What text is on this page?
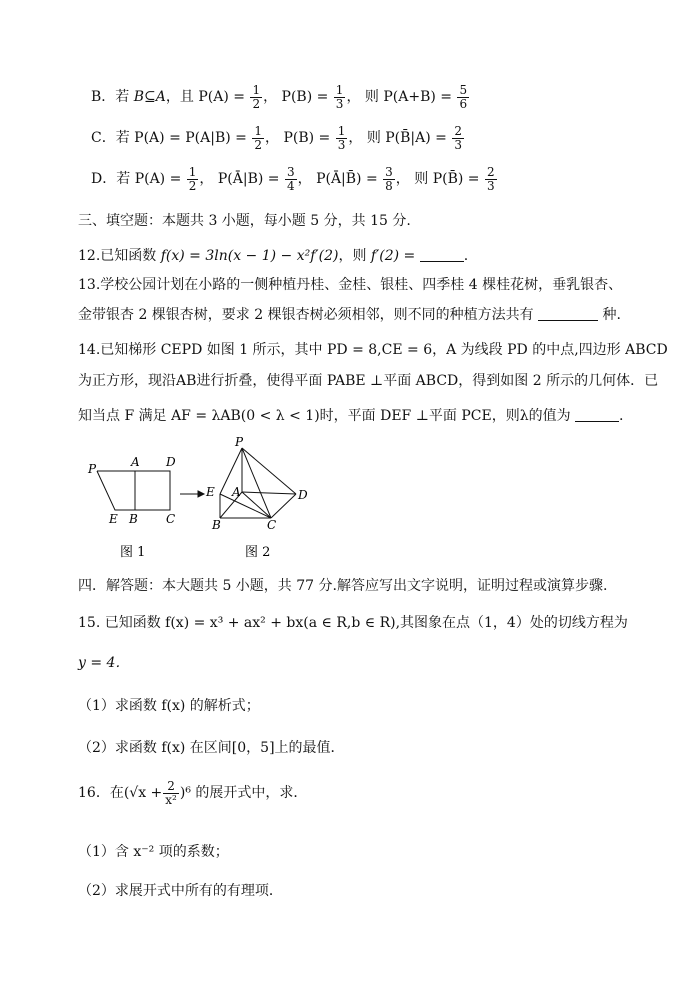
B．若 B⊆A，且 $P(A) = \frac{1}{2}$ ， $P(B) = \frac{1}{3}$ ， 则 $P(A+B) = \frac{5}{6}$
C．若 $P(A) = P(A|B) = \frac{1}{2}$ ， $P(B) = \frac{1}{3}$ ， 则 P(B̄|A) = $\frac{2}{3}$
D．若 $P(A) = \frac{1}{2}$ ， P(Ā|B) = $\frac{3}{4}$ ， P(Ā|B̄) = $\frac{3}{8}$ ， 则 P(B̄) = $\frac{2}{3}$
三、填空题：本题共 3 小题，每小题 5 分，共 15 分.
12.已知函数 f(x) = 3ln(x − 1) − x²f′(2)，则 f′(2) =	.
13.学校公园计划在小路的一侧种植丹桂、金桂、银桂、四季桂 4 棵桂花树，垂乳银杏、
金带银杏 2 棵银杏树，要求 2 棵银杏树必须相邻，则不同的种植方法共有	种.
14.已知梯形 CEPD 如图 1 所示，其中 PD = 8,CE = 6，A 为线段 PD 的中点,四边形 ABCD
为正方形，现沿AB进行折叠，使得平面 PABE ⊥平面 ABCD，得到如图 2 所示的几何体．已
知当点 F 满足 AF = λAB(0 < λ < 1)时，平面 DEF ⊥平面 PCE，则λ的值为	.
P	A D
E B C
P
E A	D
B	C
图 1	图 2
四．解答题：本大题共 5 小题，共 77 分.解答应写出文字说明，证明过程或演算步骤.
15. 已知函数 f(x) = x³ + ax² + bx(a ∈ R,b ∈ R),其图象在点（1，4）处的切线方程为
y = 4．
（1）求函数 f(x) 的解析式；
（2）求函数 f(x) 在区间[0，5]上的最值．
16．在$(√x + \frac{2}{\text{x²}} )^6$ 的展开式中，求．
（1）含 x⁻² 项的系数；
（2）求展开式中所有的有理项．
